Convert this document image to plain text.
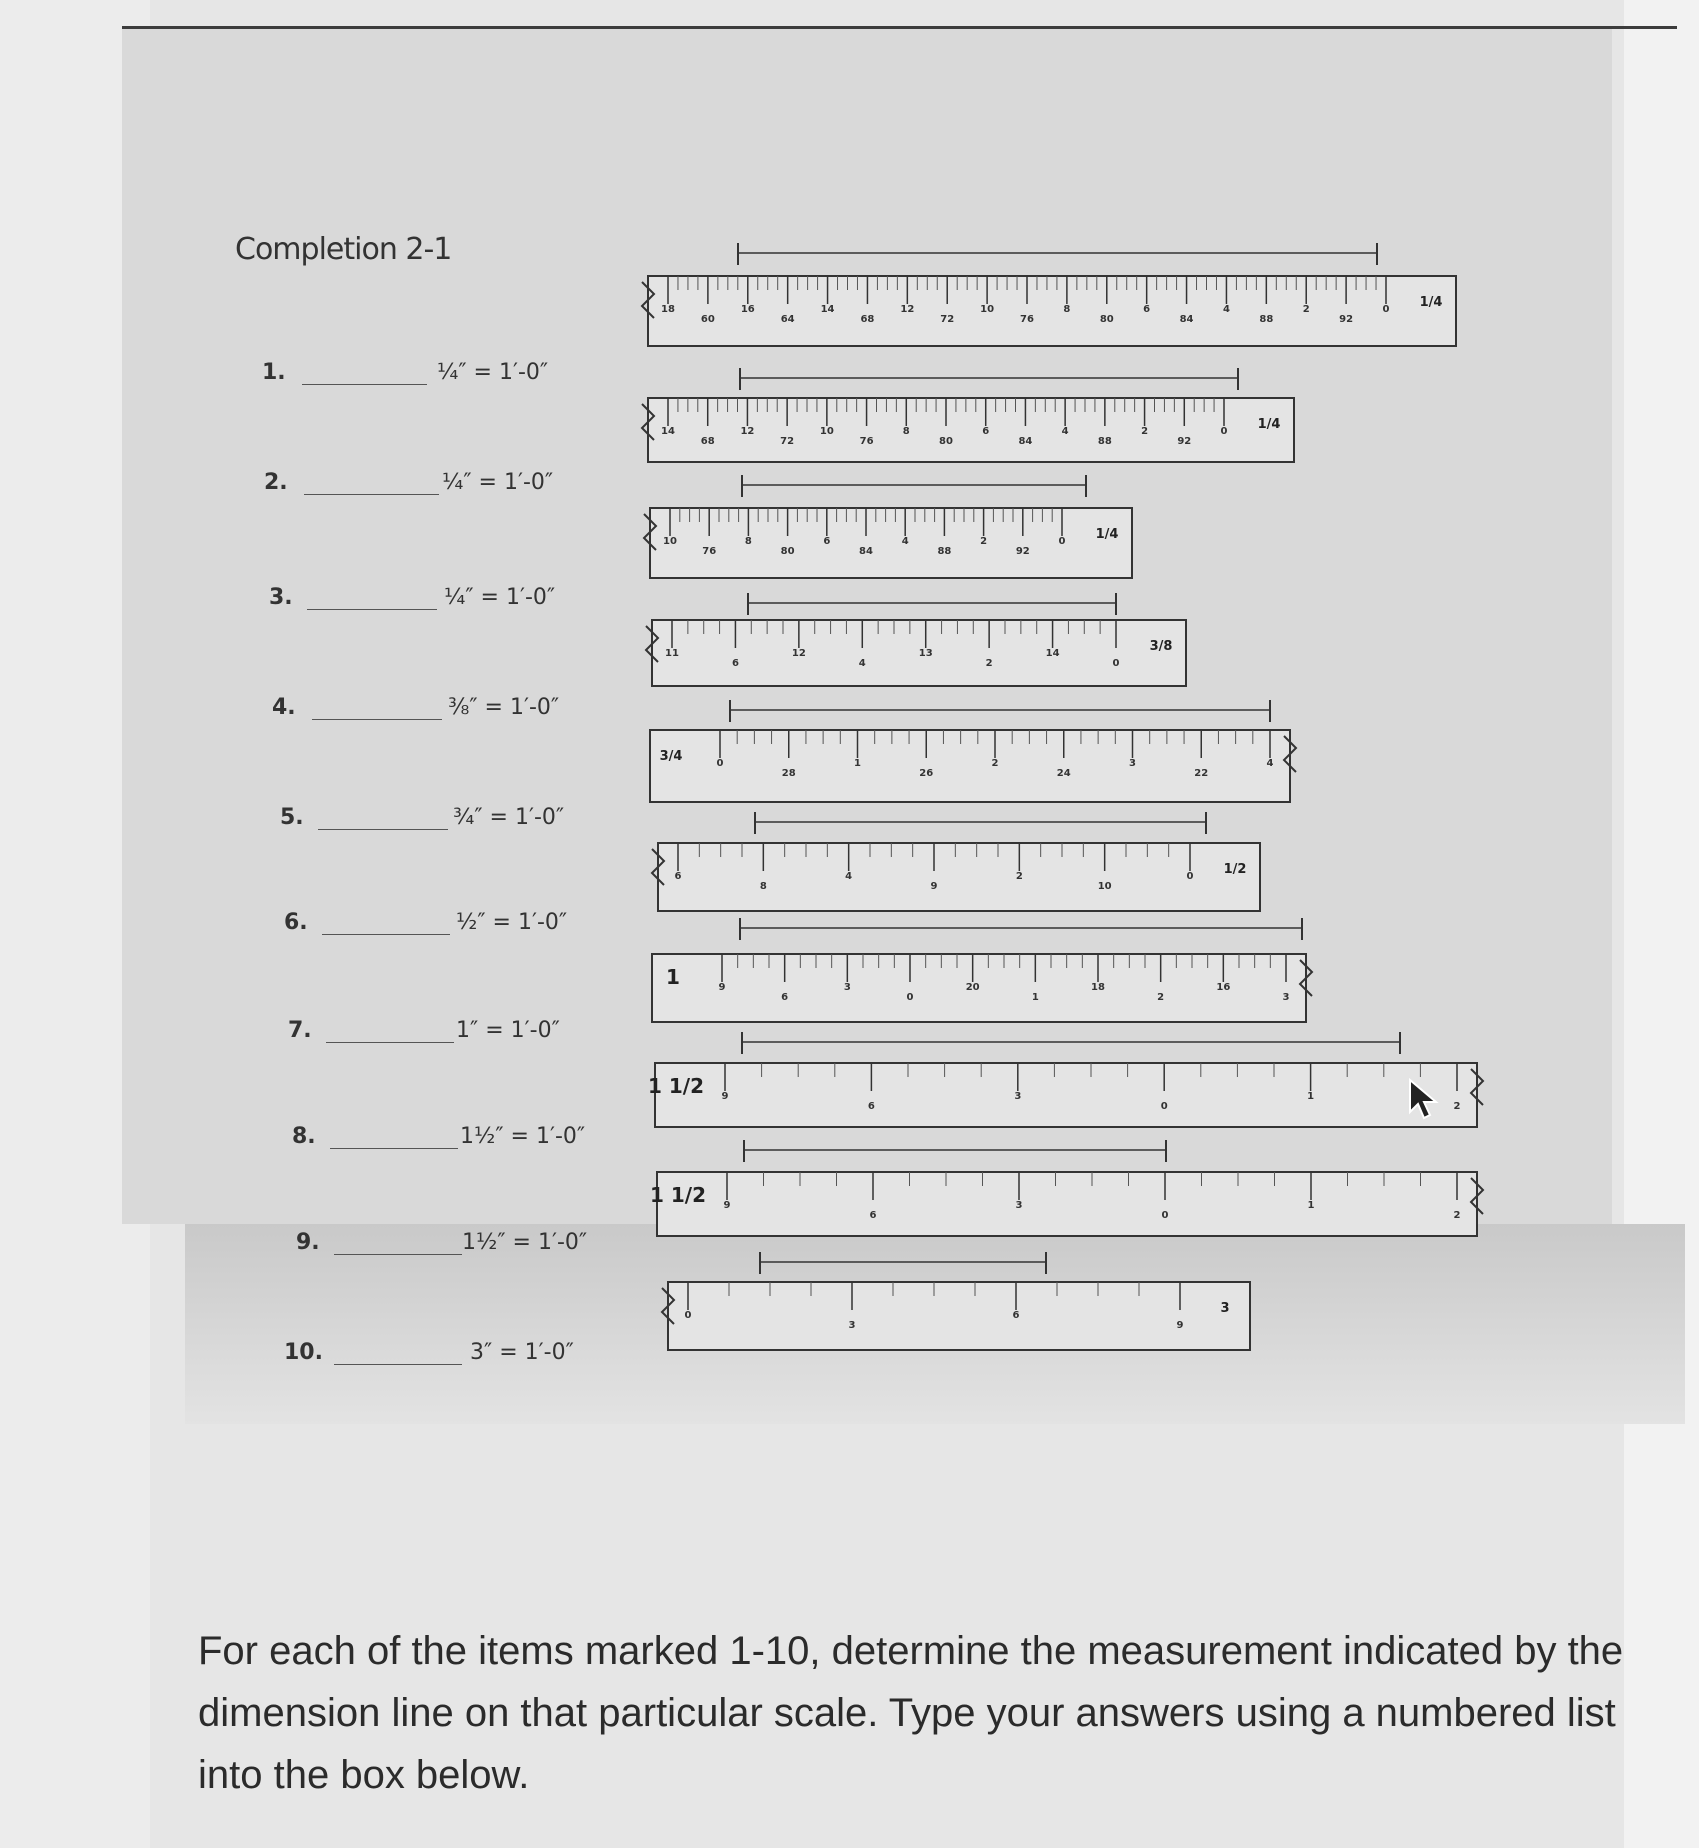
Completion 2-1
1.	¼″ = 1′-0″
2.	¼″ = 1′-0″
3.	¼″ = 1′-0″
4.	⅜″ = 1′-0″
5.	¾″ = 1′-0″
6.	½″ = 1′-0″
7.	1″ = 1′-0″
8.	1½″ = 1′-0″
9.	1½″ = 1′-0″
10.	3″ = 1′-0″
18
60
16
64
14
68
12
72
10
76
8
80
6
84
4
88
2
92
0 1/4
14
68
12
72
10
76
8
80
6
84
4
88
2
92
0 1/4
10
76
8
80
6
84
4
88
2
92
0 1/4
11
6
12
4
13
2
14
0
3/8
0
28
1
26
2
24
3
22
4
3/4
6
8
4
9
2
10
0 1/2
9
6
3
0
20
1
18
2
16
3
1
9
6
3
0
1
2
1 1/2
9
6
3
0
1
2
1 1/2
0
3
6
9
3
For each of the items marked 1-10, determine the measurement indicated by the dimension line on that particular scale. Type your answers using a numbered list into the box below.
